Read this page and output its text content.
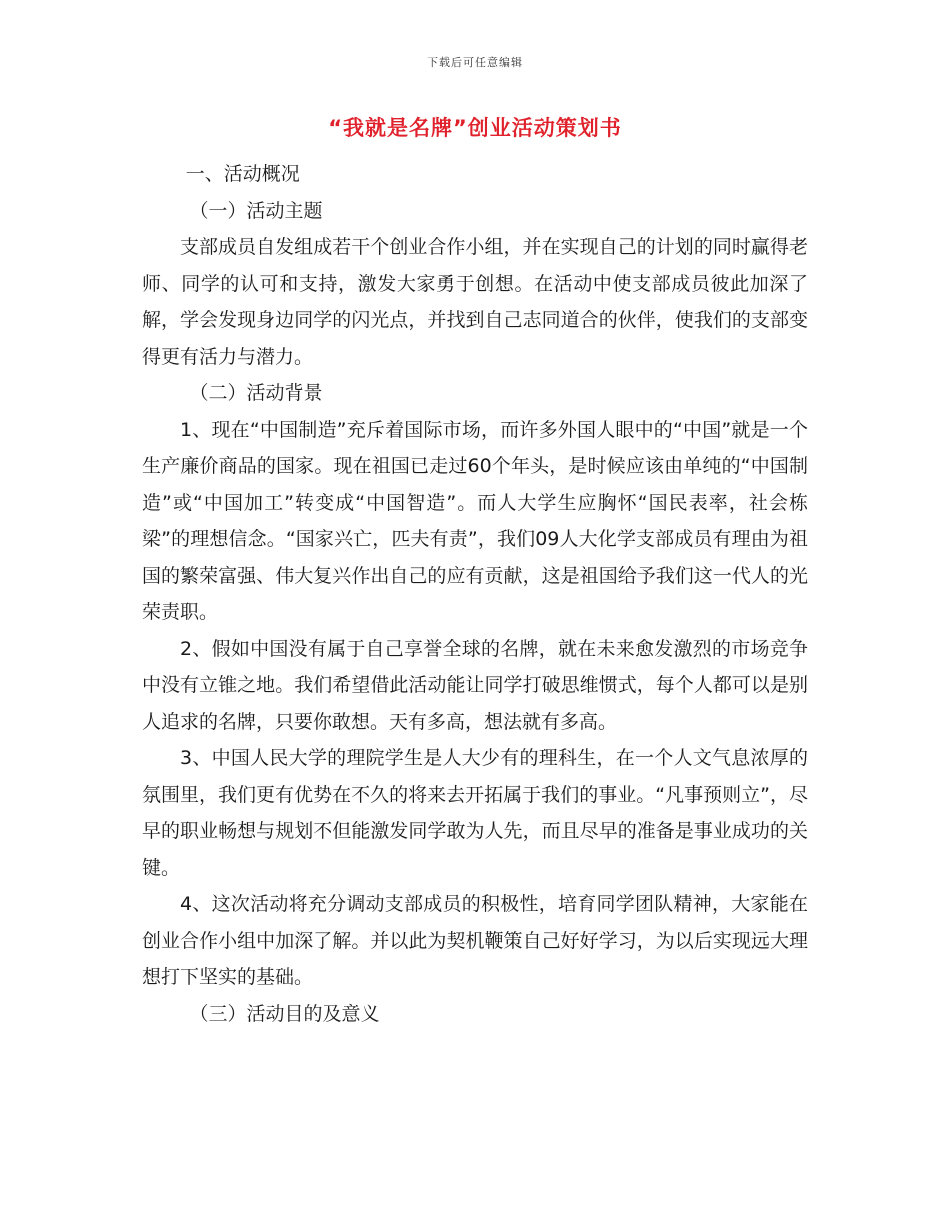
下载后可任意编辑
“我就是名牌”创业活动策划书

一、活动概况

（一）活动主题

支部成员自发组成若干个创业合作小组，并在实现自己的计划的同时赢得老师、同学的认可和支持，激发大家勇于创想。在活动中使支部成员彼此加深了解，学会发现身边同学的闪光点，并找到自己志同道合的伙伴，使我们的支部变得更有活力与潜力。

（二）活动背景

1、现在“中国制造”充斥着国际市场，而许多外国人眼中的“中国”就是一个生产廉价商品的国家。现在祖国已走过60个年头，是时候应该由单纯的“中国制造”或“中国加工”转变成“中国智造”。而人大学生应胸怀“国民表率，社会栋梁”的理想信念。“国家兴亡，匹夫有责”，我们09人大化学支部成员有理由为祖国的繁荣富强、伟大复兴作出自己的应有贡献，这是祖国给予我们这一代人的光荣责职。

2、假如中国没有属于自己享誉全球的名牌，就在未来愈发激烈的市场竞争中没有立锥之地。我们希望借此活动能让同学打破思维惯式，每个人都可以是别人追求的名牌，只要你敢想。天有多高，想法就有多高。

3、中国人民大学的理院学生是人大少有的理科生，在一个人文气息浓厚的氛围里，我们更有优势在不久的将来去开拓属于我们的事业。“凡事预则立”，尽早的职业畅想与规划不但能激发同学敢为人先，而且尽早的准备是事业成功的关键。

4、这次活动将充分调动支部成员的积极性，培育同学团队精神，大家能在创业合作小组中加深了解。并以此为契机鞭策自己好好学习，为以后实现远大理想打下坚实的基础。

（三）活动目的及意义
